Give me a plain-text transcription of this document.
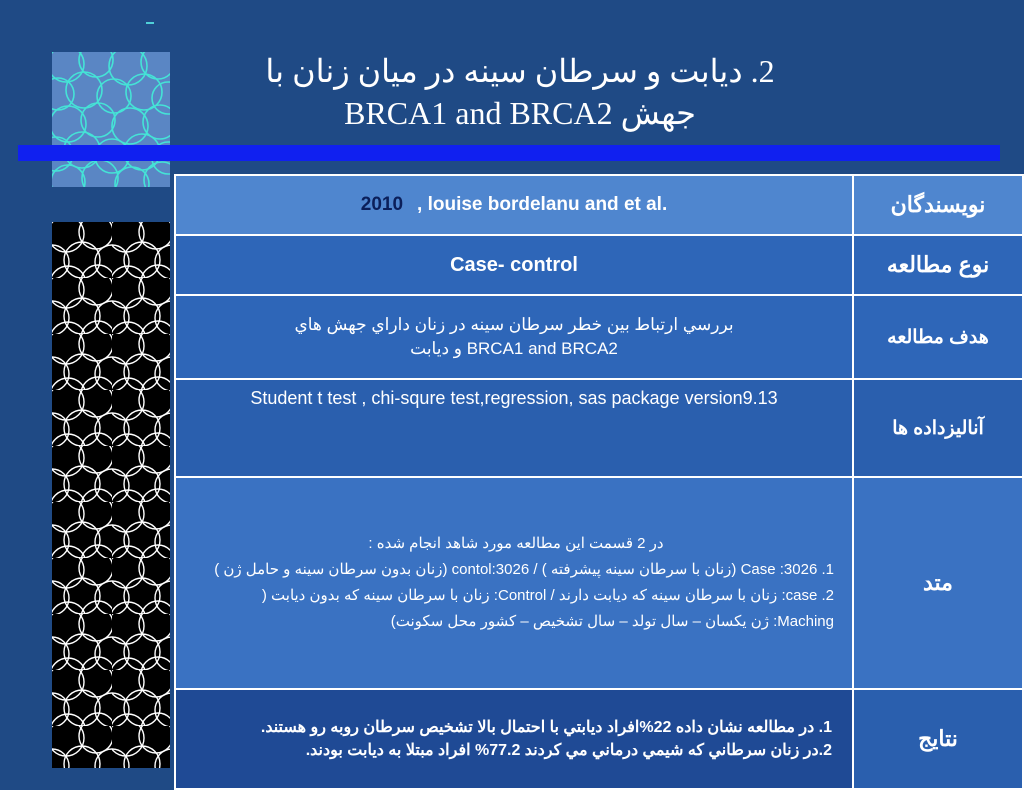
2. دیابت و سرطان سینه در میان زنان با
جهش BRCA1 and BRCA2
2010 , louise bordelanu and et al.	نویسندگان
Case- control	نوع مطالعه

بررسي ارتباط بين خطر سرطان سينه در زنان داراي جهش هاي
BRCA1 and BRCA2 و دیابت	هدف مطالعه
Student t test , chi-squre test,regression, sas package version9.13	آنالیزداده ها

در 2 قسمت این مطالعه مورد شاهد انجام شده :
1. Case :3026 (زنان با سرطان سینه پیشرفته ) / contol:3026 (زنان بدون سرطان سینه و حامل ژن )
2. case: زنان با سرطان سینه که دیابت دارند / Control: زنان با سرطان سینه که بدون دیابت ( Maching: ژن یکسان – سال تولد – سال تشخیص – کشور محل سکونت)	متد

1. در مطالعه نشان داده 22%افراد ديابتي با احتمال بالا تشخيص سرطان روبه رو هستند.
2.در زنان سرطاني كه شيمي درماني مي كردند 77.2% افراد مبتلا به ديابت بودند.	نتایج
